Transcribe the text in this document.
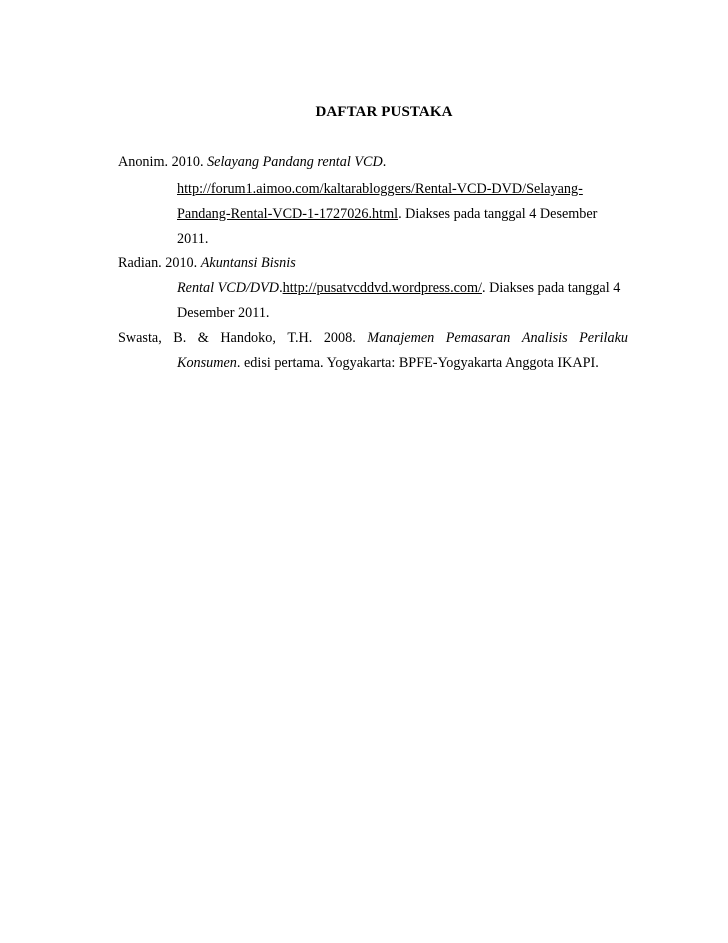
DAFTAR PUSTAKA
Anonim. 2010. Selayang Pandang rental VCD.
http://forum1.aimoo.com/kaltarabloggers/Rental-VCD-DVD/Selayang-
Pandang-Rental-VCD-1-1727026.html. Diakses pada tanggal 4 Desember
2011.
Radian. 2010. Akuntansi Bisnis
Rental VCD/DVD.http://pusatvcddvd.wordpress.com/. Diakses pada tanggal 4
Desember 2011.
Swasta, B. & Handoko, T.H. 2008. Manajemen Pemasaran Analisis Perilaku
Konsumen. edisi pertama. Yogyakarta: BPFE-Yogyakarta Anggota IKAPI.
